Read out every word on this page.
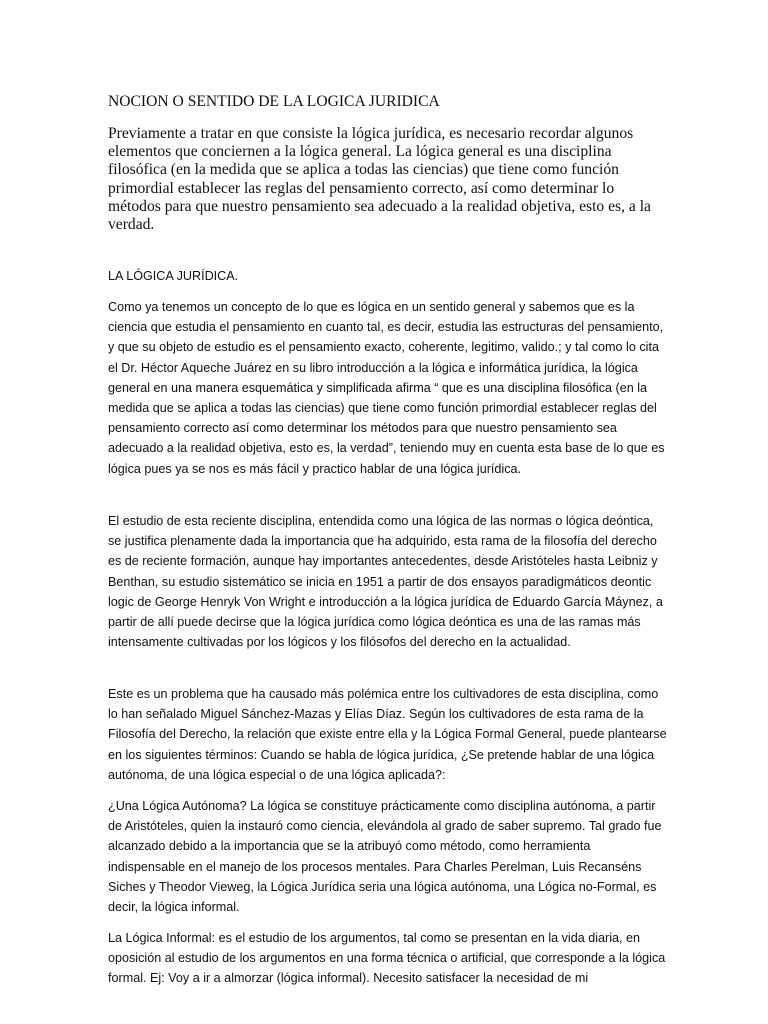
NOCION O SENTIDO DE LA LOGICA JURIDICA

Previamente a tratar en que consiste la lógica jurídica, es necesario recordar algunos elementos que conciernen a la lógica general. La lógica general es una disciplina filosófica (en la medida que se aplica a todas las ciencias) que tiene como función primordial establecer las reglas del pensamiento correcto, así como determinar lo métodos para que nuestro pensamiento sea adecuado a la realidad objetiva, esto es, a la verdad.

LA LÓGICA JURÍDICA.

Como ya tenemos un concepto de lo que es lógica en un sentido general y sabemos que es la ciencia que estudia el pensamiento en cuanto tal, es decir, estudia las estructuras del pensamiento, y que su objeto de estudio es el pensamiento exacto, coherente, legitimo, valido.; y tal como lo cita el Dr. Héctor Aqueche Juárez en su libro introducción a la lógica e informática jurídica, la lógica general en una manera esquemática y simplificada afirma “ que es una disciplina filosófica (en la medida que se aplica a todas las ciencias) que tiene como función primordial establecer reglas del pensamiento correcto así como determinar los métodos para que nuestro pensamiento sea adecuado a la realidad objetiva, esto es, la verdad”, teniendo muy en cuenta esta base de lo que es lógica pues ya se nos es más fácil y practico hablar de una lógica jurídica.

El estudio de esta reciente disciplina, entendida como una lógica de las normas o lógica deóntica, se justifica plenamente dada la importancia que ha adquirido, esta rama de la filosofía del derecho es de reciente formación, aunque hay importantes antecedentes, desde Aristóteles hasta Leibniz y Benthan, su estudio sistemático se inicia en 1951 a partir de dos ensayos paradigmáticos deontic logic de George Henryk Von Wright e introducción a la lógica jurídica de Eduardo García Máynez, a partir de allí puede decirse que la lógica jurídica como lógica deóntica es una de las ramas más intensamente cultivadas por los lógicos y los filósofos del derecho en la actualidad.

Este es un problema que ha causado más polémica entre los cultivadores de esta disciplina, como lo han señalado Miguel Sánchez-Mazas y Elías Díaz. Según los cultivadores de esta rama de la Filosofía del Derecho, la relación que existe entre ella y la Lógica Formal General, puede plantearse en los siguientes términos: Cuando se habla de lógica jurídica, ¿Se pretende hablar de una lógica autónoma, de una lógica especial o de una lógica aplicada?:

¿Una Lógica Autónoma? La lógica se constituye prácticamente como disciplina autónoma, a partir de Aristóteles, quien la instauró como ciencia, elevándola al grado de saber supremo. Tal grado fue alcanzado debido a la importancia que se la atribuyó como método, como herramienta indispensable en el manejo de los procesos mentales. Para Charles Perelman, Luis Recanséns Siches y Theodor Vieweg, la Lógica Jurídica seria una lógica autónoma, una Lógica no-Formal, es decir, la lógica informal.

La Lógica Informal: es el estudio de los argumentos, tal como se presentan en la vida diaria, en oposición al estudio de los argumentos en una forma técnica o artificial, que corresponde a la lógica formal. Ej: Voy a ir a almorzar (lógica informal). Necesito satisfacer la necesidad de mi
